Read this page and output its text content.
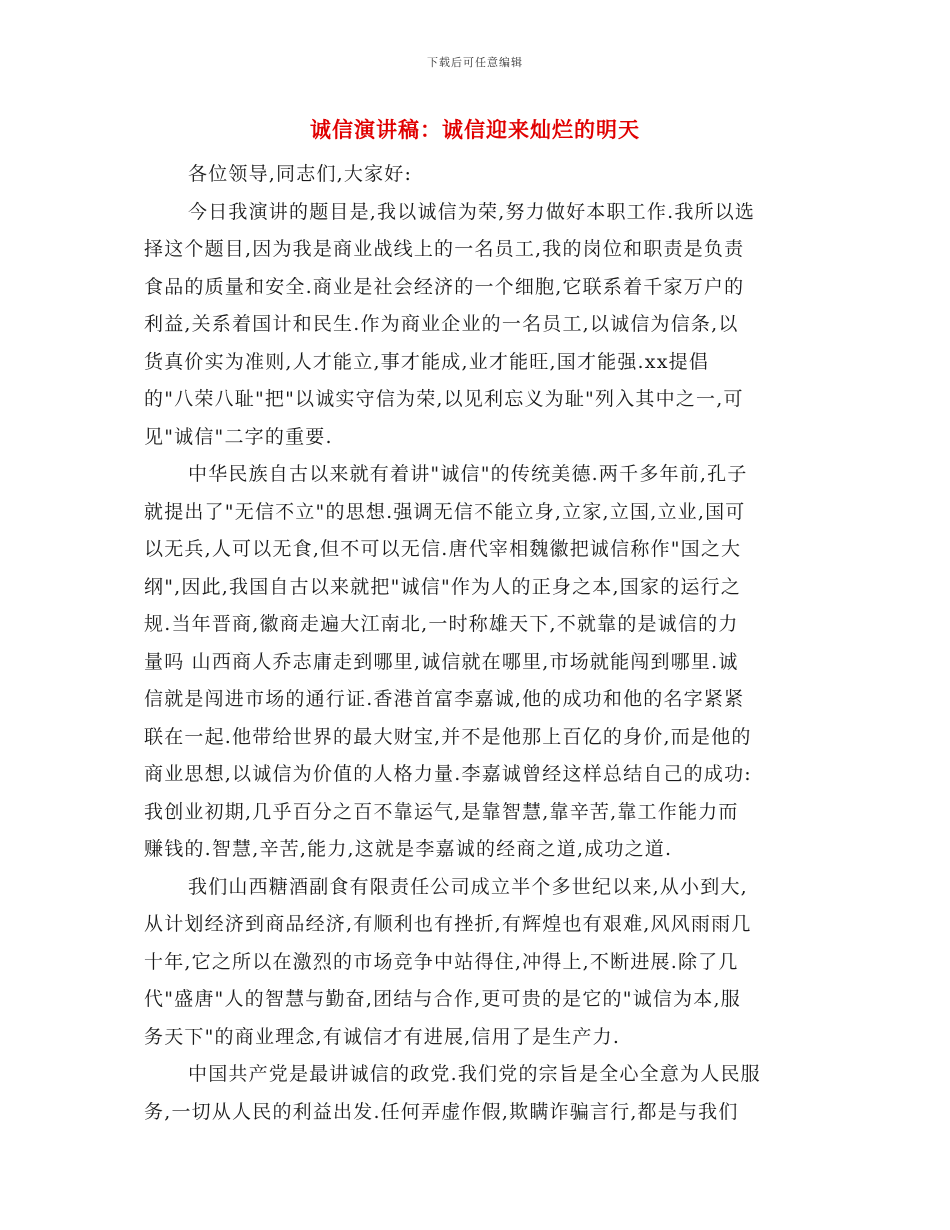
下载后可任意编辑
诚信演讲稿：诚信迎来灿烂的明天
各位领导,同志们,大家好:
今日我演讲的题目是,我以诚信为荣,努力做好本职工作.我所以选
择这个题目,因为我是商业战线上的一名员工,我的岗位和职责是负责
食品的质量和安全.商业是社会经济的一个细胞,它联系着千家万户的
利益,关系着国计和民生.作为商业企业的一名员工,以诚信为信条,以
货真价实为准则,人才能立,事才能成,业才能旺,国才能强.xx提倡
的"八荣八耻"把"以诚实守信为荣,以见利忘义为耻"列入其中之一,可
见"诚信"二字的重要.
中华民族自古以来就有着讲"诚信"的传统美德.两千多年前,孔子
就提出了"无信不立"的思想.强调无信不能立身,立家,立国,立业,国可
以无兵,人可以无食,但不可以无信.唐代宰相魏徽把诚信称作"国之大
纲",因此,我国自古以来就把"诚信"作为人的正身之本,国家的运行之
规.当年晋商,徽商走遍大江南北,一时称雄天下,不就靠的是诚信的力
量吗 山西商人乔志庸走到哪里,诚信就在哪里,市场就能闯到哪里.诚
信就是闯进市场的通行证.香港首富李嘉诚,他的成功和他的名字紧紧
联在一起.他带给世界的最大财宝,并不是他那上百亿的身价,而是他的
商业思想,以诚信为价值的人格力量.李嘉诚曾经这样总结自己的成功:
我创业初期,几乎百分之百不靠运气,是靠智慧,靠辛苦,靠工作能力而
赚钱的.智慧,辛苦,能力,这就是李嘉诚的经商之道,成功之道.
我们山西糖酒副食有限责任公司成立半个多世纪以来,从小到大,
从计划经济到商品经济,有顺利也有挫折,有辉煌也有艰难,风风雨雨几
十年,它之所以在激烈的市场竞争中站得住,冲得上,不断进展.除了几
代"盛唐"人的智慧与勤奋,团结与合作,更可贵的是它的"诚信为本,服
务天下"的商业理念,有诚信才有进展,信用了是生产力.
中国共产党是最讲诚信的政党.我们党的宗旨是全心全意为人民服
务,一切从人民的利益出发.任何弄虚作假,欺瞒诈骗言行,都是与我们
